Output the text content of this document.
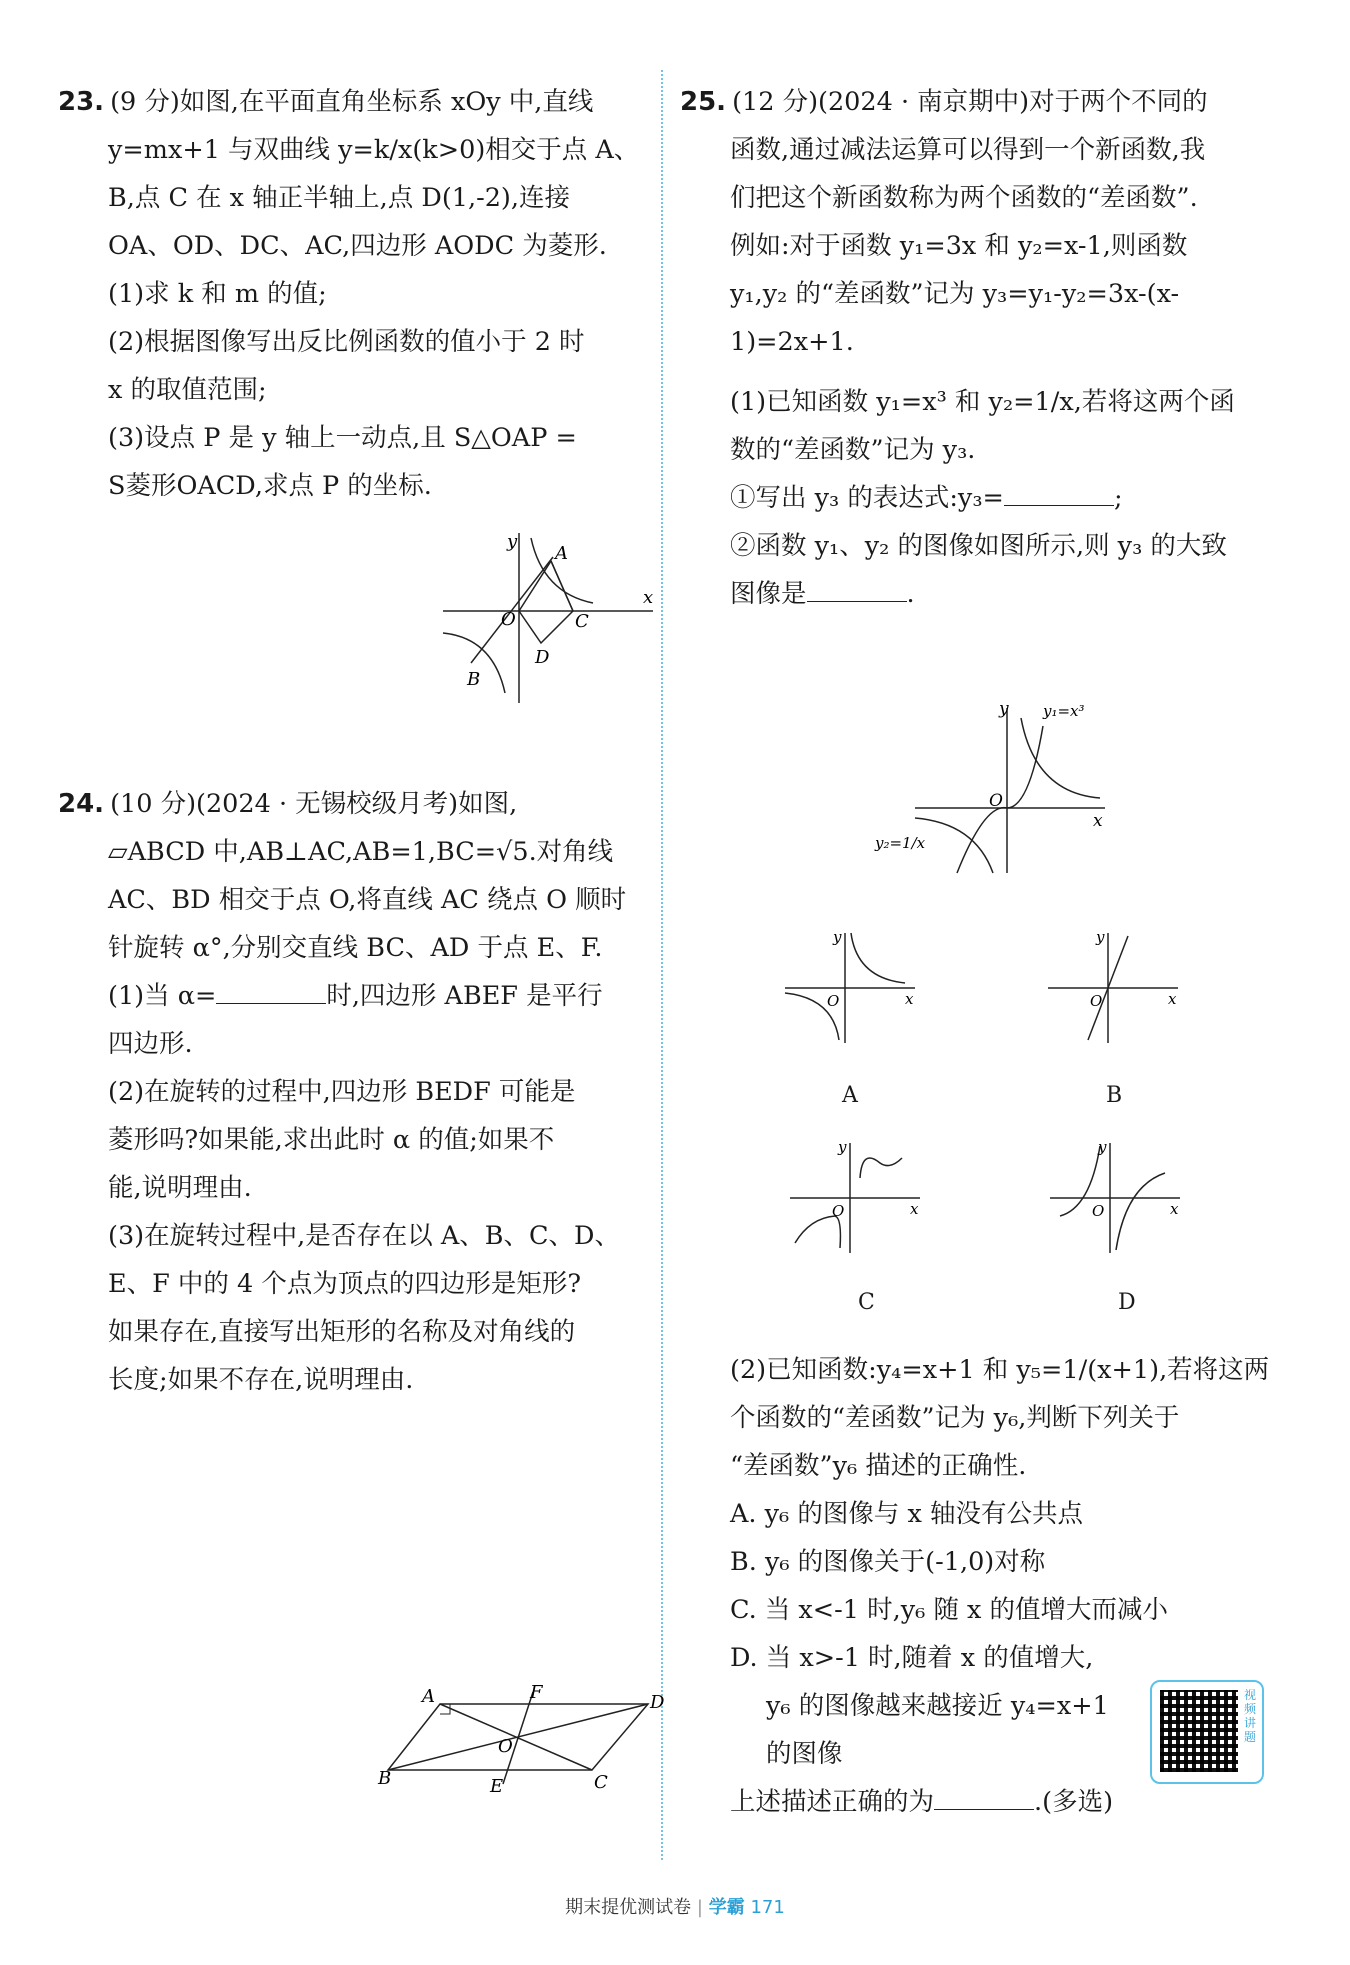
23. (9 分)如图,在平面直角坐标系 xOy 中,直线

y=mx+1 与双曲线 y=k/x(k>0)相交于点 A、

B,点 C 在 x 轴正半轴上,点 D(1,-2),连接

OA、OD、DC、AC,四边形 AODC 为菱形.

(1)求 k 和 m 的值;

(2)根据图像写出反比例函数的值小于 2 时

x 的取值范围;

(3)设点 P 是 y 轴上一动点,且 S△OAP =

S菱形OACD,求点 P 的坐标.

y
x
O
A
B
C
D

24. (10 分)(2024 · 无锡校级月考)如图,

▱ABCD 中,AB⊥AC,AB=1,BC=√5.对角线

AC、BD 相交于点 O,将直线 AC 绕点 O 顺时

针旋转 α°,分别交直线 BC、AD 于点 E、F.

(1)当 α=	时,四边形 ABEF 是平行

四边形.

(2)在旋转的过程中,四边形 BEDF 可能是

菱形吗?如果能,求出此时 α 的值;如果不

能,说明理由.

(3)在旋转过程中,是否存在以 A、B、C、D、

E、F 中的 4 个点为顶点的四边形是矩形?

如果存在,直接写出矩形的名称及对角线的

长度;如果不存在,说明理由.

A
B	C
D
E
F
O

25. (12 分)(2024 · 南京期中)对于两个不同的

函数,通过减法运算可以得到一个新函数,我

们把这个新函数称为两个函数的“差函数”.

例如:对于函数 y₁=3x 和 y₂=x-1,则函数

y₁,y₂ 的“差函数”记为 y₃=y₁-y₂=3x-(x-

1)=2x+1.

(1)已知函数 y₁=x³ 和 y₂=1/x,若将这两个函

数的“差函数”记为 y₃.

①写出 y₃ 的表达式:y₃=	;

②函数 y₁、y₂ 的图像如图所示,则 y₃ 的大致

图像是	.

y
x
O
y₁=x³
y₂=1/x
y
x
O
A
y
x
O
B
y
x
O
C
y
x
O
D

(2)已知函数:y₄=x+1 和 y₅=1/(x+1),若将这两

个函数的“差函数”记为 y₆,判断下列关于

“差函数”y₆ 描述的正确性.

A. y₆ 的图像与 x 轴没有公共点

B. y₆ 的图像关于(-1,0)对称

C. 当 x<-1 时,y₆ 随 x 的值增大而减小

D. 当 x>-1 时,随着 x 的值增大,

y₆ 的图像越来越接近 y₄=x+1

的图像

上述描述正确的为	.(多选)

视频讲题
期末提优测试卷 | 学霸 171
